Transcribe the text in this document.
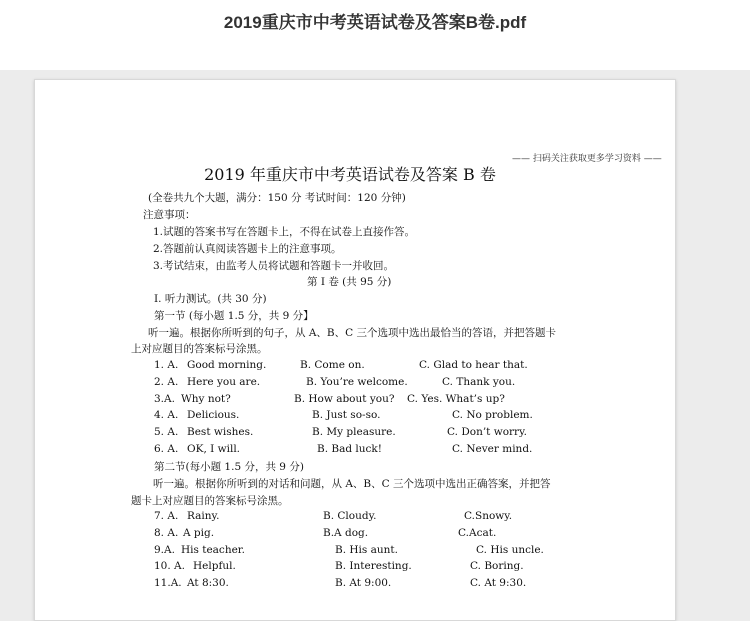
2019重庆市中考英语试卷及答案B卷.pdf
—— 扫码关注获取更多学习资料 ——
2019 年重庆市中考英语试卷及答案 B 卷
(全卷共九个大题，满分：150 分 考试时间：120 分钟)
注意事项：
1.试题的答案书写在答题卡上，不得在试卷上直接作答。
2.答题前认真阅读答题卡上的注意事项。
3.考试结束，由监考人员将试题和答题卡一并收回。
第 I 卷 (共 95 分)
I. 听力测试。(共 30 分)
第一节 (每小题 1.5 分，共 9 分】
听一遍。根据你所听到的句子，从 A、B、C 三个选项中选出最恰当的答语，并把答题卡
上对应题目的答案标号涂黑。
1. A. Good morning.	B. Come on.	C. Glad to hear that.
2. A. Here you are.	B. You’re welcome.	C. Thank you.
3.A. Why not?	B. How about you? C. Yes. What’s up?
4. A. Delicious.	B. Just so-so.	C. No problem.
5. A. Best wishes.	B. My pleasure.	C. Don’t worry.
6. A. OK, I will.	B. Bad luck!	C. Never mind.
第二节(每小题 1.5 分，共 9 分)
听一遍。根据你所听到的对话和问题，从 A、B、C 三个选项中选出正确答案，并把答
题卡上对应题目的答案标号涂黑。
7. A. Rainy.	B. Cloudy.	C.Snowy.
8. A. A pig.	B.A dog.	C.Acat.
9.A. His teacher.	B. His aunt.	C. His uncle.
10. A. Helpful.	B. Interesting.	C. Boring.
11.A. At 8:30.	B. At 9:00.	C. At 9:30.
